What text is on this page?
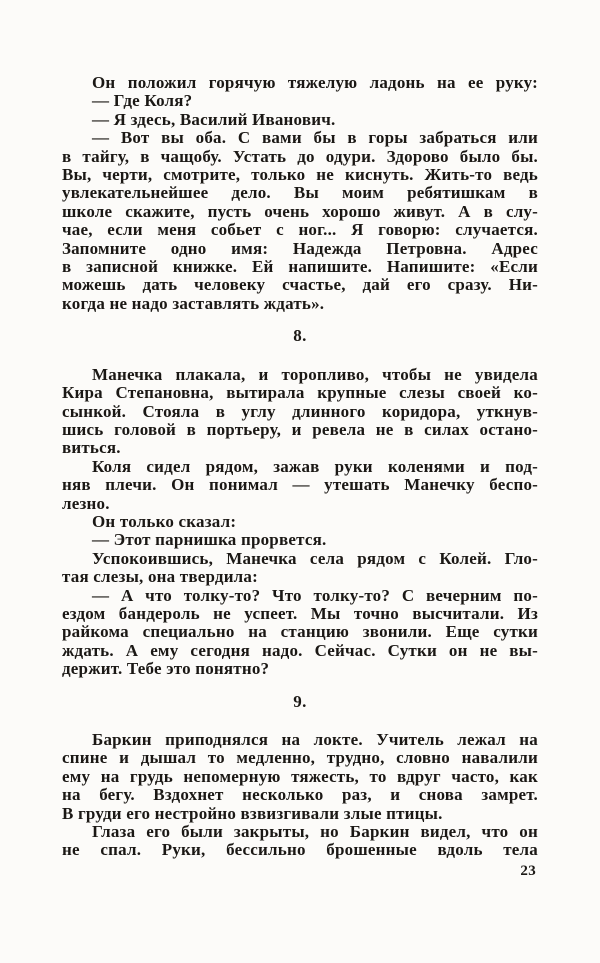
Он положил горячую тяжелую ладонь на ее руку:
— Где Коля?
— Я здесь, Василий Иванович.
— Вот вы оба. С вами бы в горы забраться или
в тайгу, в чащобу. Устать до одури. Здорово было бы.
Вы, черти, смотрите, только не киснуть. Жить-то ведь
увлекательнейшее дело. Вы моим ребятишкам в
школе скажите, пусть очень хорошо живут. А в слу-
чае, если меня собьет с ног... Я говорю: случается.
Запомните одно имя: Надежда Петровна. Адрес
в записной книжке. Ей напишите. Напишите: «Если
можешь дать человеку счастье, дай его сразу. Ни-
когда не надо заставлять ждать».
8.
Манечка плакала, и торопливо, чтобы не увидела
Кира Степановна, вытирала крупные слезы своей ко-
сынкой. Стояла в углу длинного коридора, уткнув-
шись головой в портьеру, и ревела не в силах остано-
виться.
Коля сидел рядом, зажав руки коленями и под-
няв плечи. Он понимал — утешать Манечку беспо-
лезно.
Он только сказал:
— Этот парнишка прорвется.
Успокоившись, Манечка села рядом с Колей. Гло-
тая слезы, она твердила:
— А что толку-то? Что толку-то? С вечерним по-
ездом бандероль не успеет. Мы точно высчитали. Из
райкома специально на станцию звонили. Еще сутки
ждать. А ему сегодня надо. Сейчас. Сутки он не вы-
держит. Тебе это понятно?
9.
Баркин приподнялся на локте. Учитель лежал на
спине и дышал то медленно, трудно, словно навалили
ему на грудь непомерную тяжесть, то вдруг часто, как
на бегу. Вздохнет несколько раз, и снова замрет.
В груди его нестройно взвизгивали злые птицы.
Глаза его были закрыты, но Баркин видел, что он
не спал. Руки, бессильно брошенные вдоль тела
23
